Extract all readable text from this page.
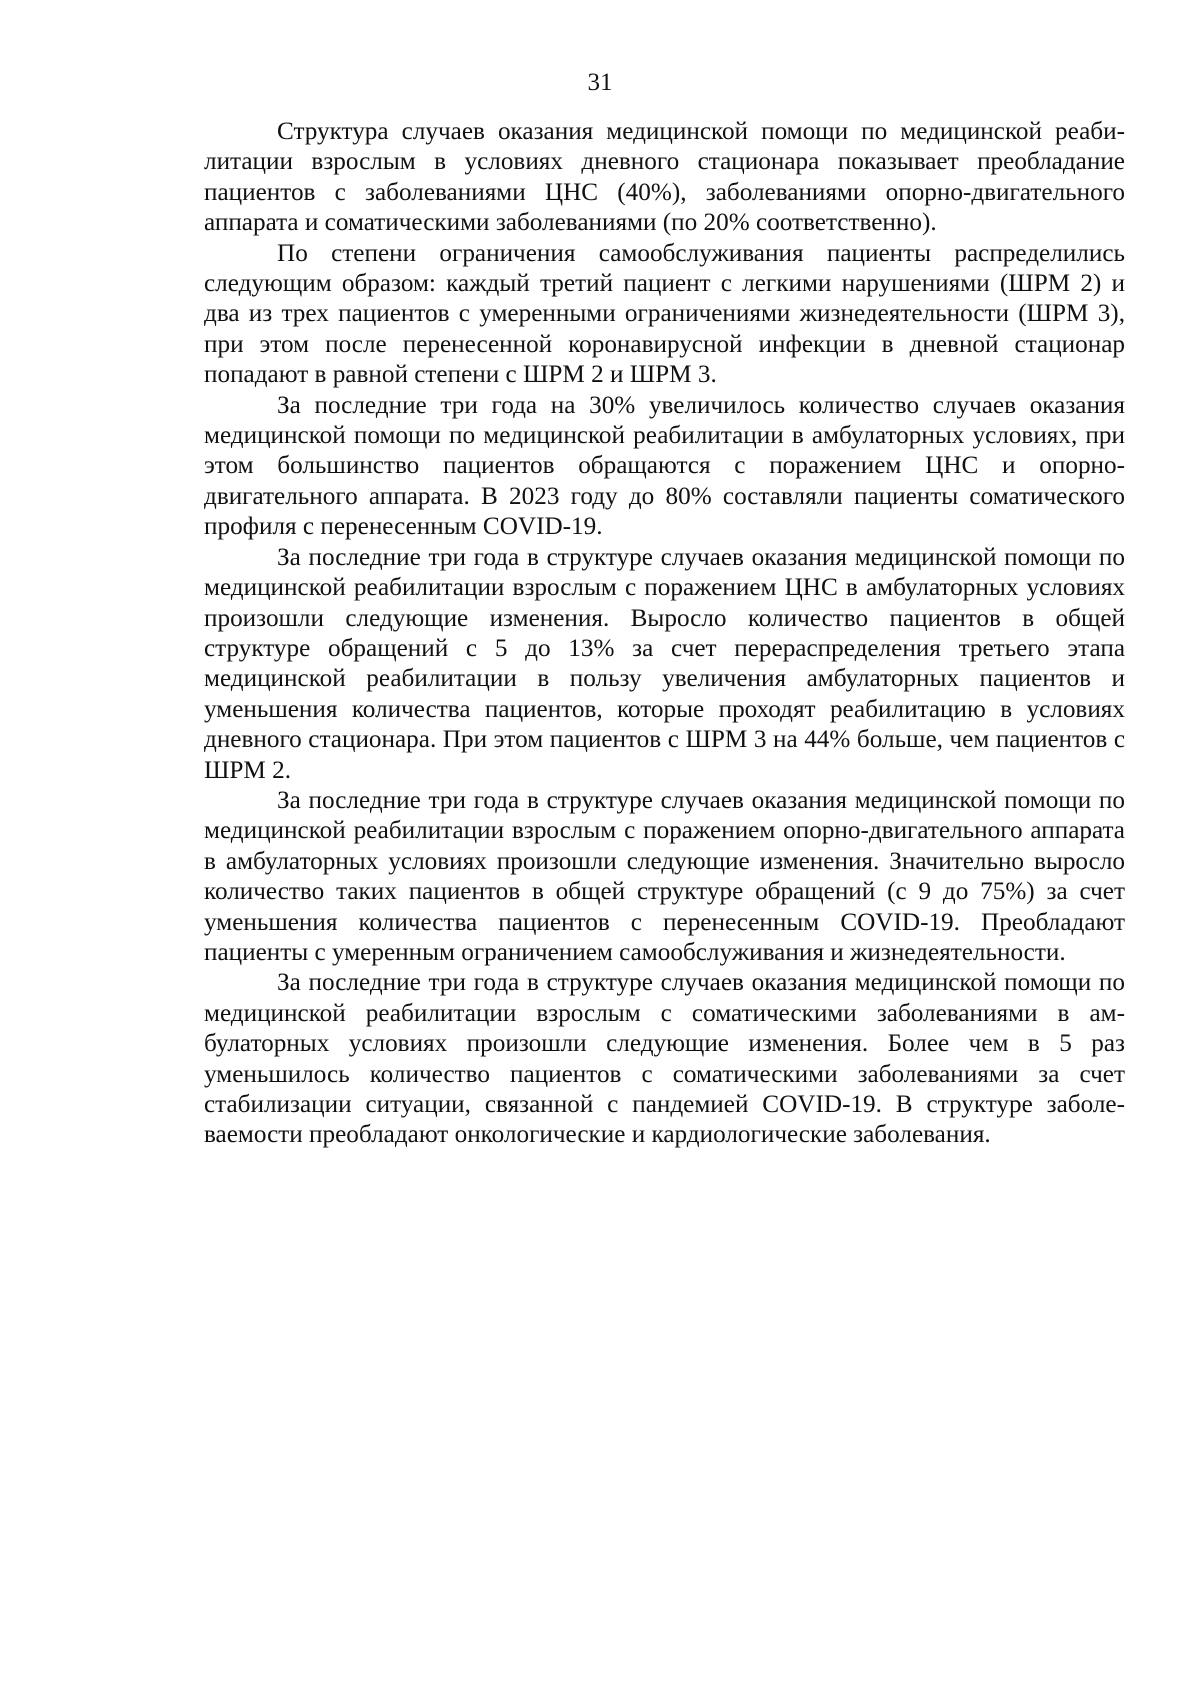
31

Структура случаев оказания медицинской помощи по медицинской реабилитации взрослым в условиях дневного стационара показывает преобладание пациентов с заболеваниями ЦНС (40%), заболеваниями опорно-двигательного аппарата и соматическими заболеваниями (по 20% соответственно).

По степени ограничения самообслуживания пациенты распределились следующим образом: каждый третий пациент с легкими нарушениями (ШРМ 2) и два из трех пациентов с умеренными ограничениями жизнедеятельности (ШРМ 3), при этом после перенесенной коронавирусной инфекции в дневной стационар попадают в равной степени с ШРМ 2 и ШРМ 3.

За последние три года на 30% увеличилось количество случаев оказания медицинской помощи по медицинской реабилитации в амбулаторных условиях, при этом большинство пациентов обращаются с поражением ЦНС и опорно-двигательного аппарата. В 2023 году до 80% составляли пациенты соматического профиля с перенесенным COVID-19.

За последние три года в структуре случаев оказания медицинской помощи по медицинской реабилитации взрослым с поражением ЦНС в амбулаторных условиях произошли следующие изменения. Выросло количество пациентов в общей структуре обращений с 5 до 13% за счет перераспределения третьего этапа медицинской реабилитации в пользу увеличения амбулаторных пациентов и уменьшения количества пациентов, которые проходят реабилитацию в условиях дневного стационара. При этом пациентов с ШРМ 3 на 44% больше, чем пациентов с ШРМ 2.

За последние три года в структуре случаев оказания медицинской помощи по медицинской реабилитации взрослым с поражением опорно-двигательного аппарата в амбулаторных условиях произошли следующие изменения. Значительно выросло количество таких пациентов в общей структуре обращений (с 9 до 75%) за счет уменьшения количества пациентов с перенесенным COVID-19. Преобладают пациенты с умеренным ограничением самообслуживания и жизнедеятельности.

За последние три года в структуре случаев оказания медицинской помощи по медицинской реабилитации взрослым с соматическими заболеваниями в амбулаторных условиях произошли следующие изменения. Более чем в 5 раз уменьшилось количество пациентов с соматическими заболеваниями за счет стабилизации ситуации, связанной с пандемией COVID-19. В структуре заболеваемости преобладают онкологические и кардиологические заболевания.
